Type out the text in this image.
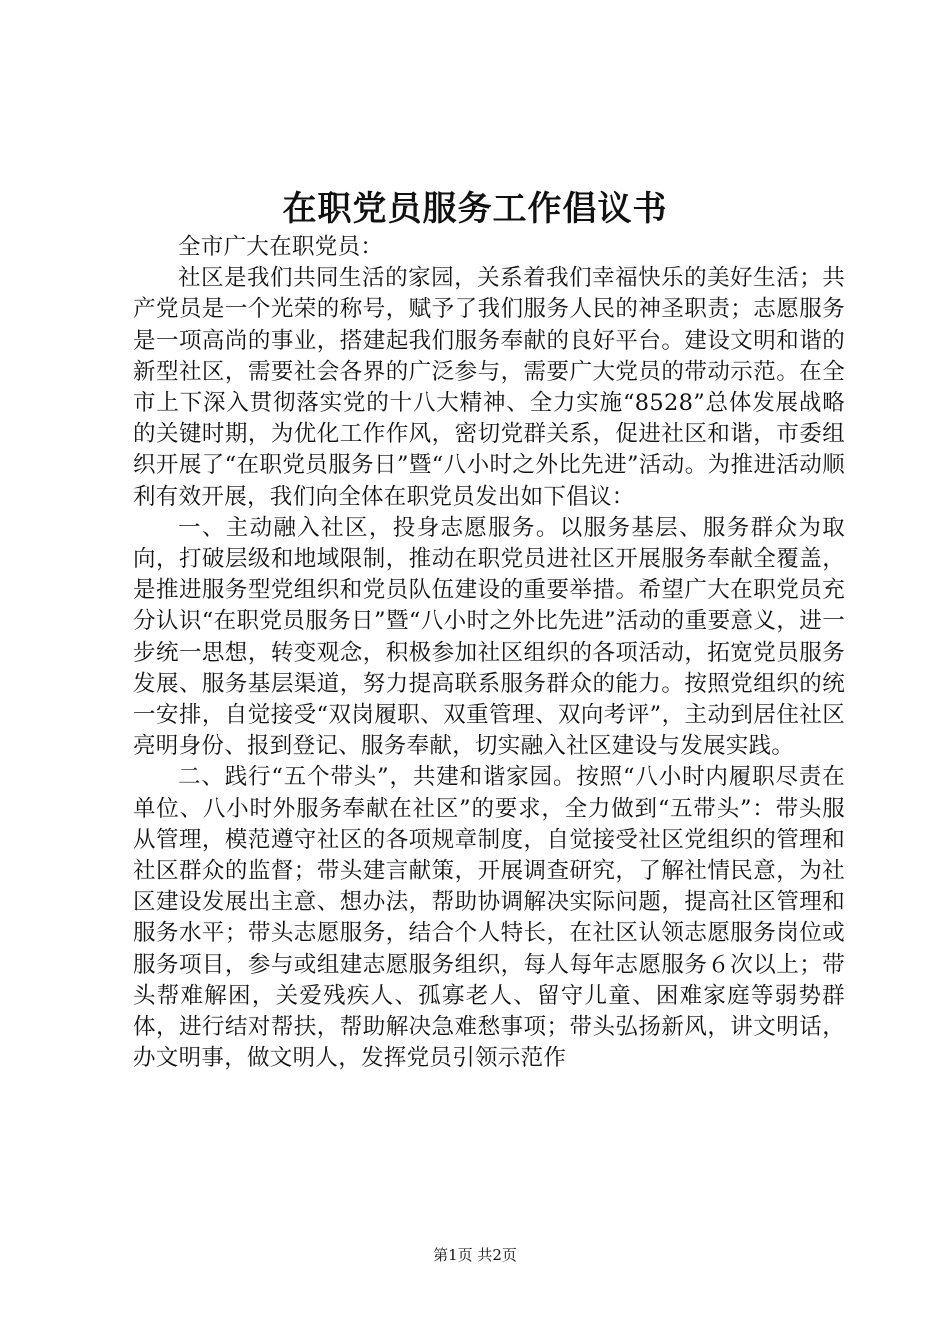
在职党员服务工作倡议书

全市广大在职党员：

社区是我们共同生活的家园，关系着我们幸福快乐的美好生活；共产党员是一个光荣的称号，赋予了我们服务人民的神圣职责；志愿服务是一项高尚的事业，搭建起我们服务奉献的良好平台。建设文明和谐的新型社区，需要社会各界的广泛参与，需要广大党员的带动示范。在全市上下深入贯彻落实党的十八大精神、全力实施“8528”总体发展战略的关键时期，为优化工作作风，密切党群关系，促进社区和谐，市委组织开展了“在职党员服务日”暨“八小时之外比先进”活动。为推进活动顺利有效开展，我们向全体在职党员发出如下倡议：

一、主动融入社区，投身志愿服务。以服务基层、服务群众为取向，打破层级和地域限制，推动在职党员进社区开展服务奉献全覆盖，是推进服务型党组织和党员队伍建设的重要举措。希望广大在职党员充分认识“在职党员服务日”暨“八小时之外比先进”活动的重要意义，进一步统一思想，转变观念，积极参加社区组织的各项活动，拓宽党员服务发展、服务基层渠道，努力提高联系服务群众的能力。按照党组织的统一安排，自觉接受“双岗履职、双重管理、双向考评”，主动到居住社区亮明身份、报到登记、服务奉献，切实融入社区建设与发展实践。

二、践行“五个带头”，共建和谐家园。按照“八小时内履职尽责在单位、八小时外服务奉献在社区”的要求，全力做到“五带头”：带头服从管理，模范遵守社区的各项规章制度，自觉接受社区党组织的管理和社区群众的监督；带头建言献策，开展调查研究，了解社情民意，为社区建设发展出主意、想办法，帮助协调解决实际问题，提高社区管理和服务水平；带头志愿服务，结合个人特长，在社区认领志愿服务岗位或服务项目，参与或组建志愿服务组织，每人每年志愿服务６次以上；带头帮难解困，关爱残疾人、孤寡老人、留守儿童、困难家庭等弱势群体，进行结对帮扶，帮助解决急难愁事项；带头弘扬新风，讲文明话，办文明事，做文明人，发挥党员引领示范作

第1页 共2页
